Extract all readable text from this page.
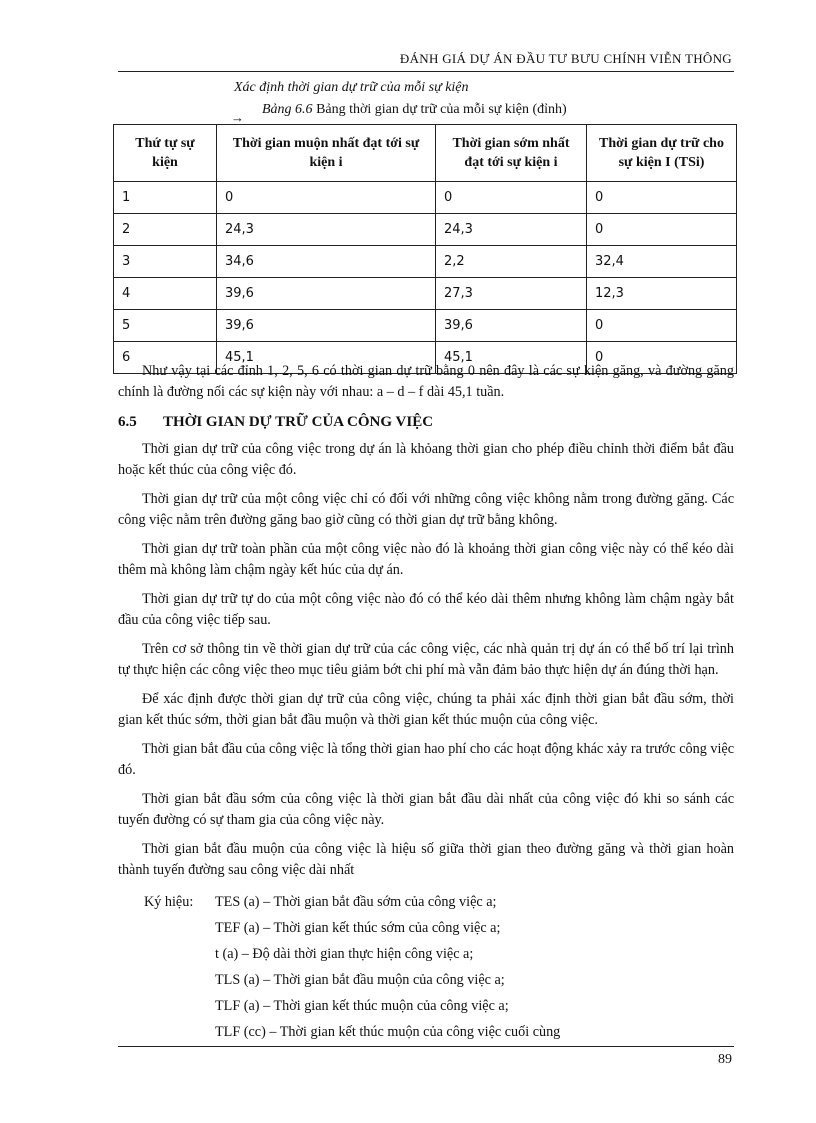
ĐÁNH GIÁ DỰ ÁN ĐẦU TƯ BƯU CHÍNH VIỄN THÔNG
Xác định thời gian dự trữ của mỗi sự kiện
→
Bảng 6.6 Bảng thời gian dự trữ của mỗi sự kiện (đỉnh)
Thứ tự sự kiện	Thời gian muộn nhất đạt tới sự kiện i	Thời gian sớm nhất đạt tới sự kiện i	Thời gian dự trữ cho sự kiện I (TSi)
1	0	0	0
2	24,3	24,3	0
3	34,6	2,2	32,4
4	39,6	27,3	12,3
5	39,6	39,6	0
6	45,1	45,1	0

Như vậy tại các đỉnh 1, 2, 5, 6 có thời gian dự trữ bằng 0 nên đây là các sự kiện găng, và đường găng chính là đường nối các sự kiện này với nhau: a – d – f dài 45,1 tuần.

6.5	THỜI GIAN DỰ TRỮ CỦA CÔNG VIỆC

Thời gian dự trữ của công việc trong dự án là khỏang thời gian cho phép điều chỉnh thời điểm bắt đầu hoặc kết thúc của công việc đó.

Thời gian dự trữ của một công việc chỉ có đối với những công việc không nằm trong đường găng. Các công việc nằm trên đường găng bao giờ cũng có thời gian dự trữ bằng không.

Thời gian dự trữ toàn phần của một công việc nào đó là khoảng thời gian công việc này có thể kéo dài thêm mà không làm chậm ngày kết húc của dự án.

Thời gian dự trữ tự do của một công việc nào đó có thể kéo dài thêm nhưng không làm chậm ngày bắt đầu của công việc tiếp sau.

Trên cơ sở thông tin về thời gian dự trữ của các công việc, các nhà quản trị dự án có thể bố trí lại trình tự thực hiện các công việc theo mục tiêu giảm bớt chi phí mà vẫn đảm bảo thực hiện dự án đúng thời hạn.

Để xác định được thời gian dự trữ của công việc, chúng ta phải xác định thời gian bắt đầu sớm, thời gian kết thúc sớm, thời gian bắt đầu muộn và thời gian kết thúc muộn của công việc.

Thời gian bắt đầu của công việc là tổng thời gian hao phí cho các hoạt động khác xảy ra trước công việc đó.

Thời gian bắt đầu sớm của công việc là thời gian bắt đầu dài nhất của công việc đó khi so sánh các tuyến đường có sự tham gia của công việc này.

Thời gian bắt đầu muộn của công việc là hiệu số giữa thời gian theo đường găng và thời gian hoàn thành tuyến đường sau công việc dài nhất

Ký hiệu:	TES (a) – Thời gian bắt đầu sớm của công việc a;
TEF (a) – Thời gian kết thúc sớm của công việc a;
t (a) – Độ dài thời gian thực hiện công việc a;
TLS (a) – Thời gian bắt đầu muộn của công việc a;
TLF (a) – Thời gian kết thúc muộn của công việc a;
TLF (cc) – Thời gian kết thúc muộn của công việc cuối cùng
89
